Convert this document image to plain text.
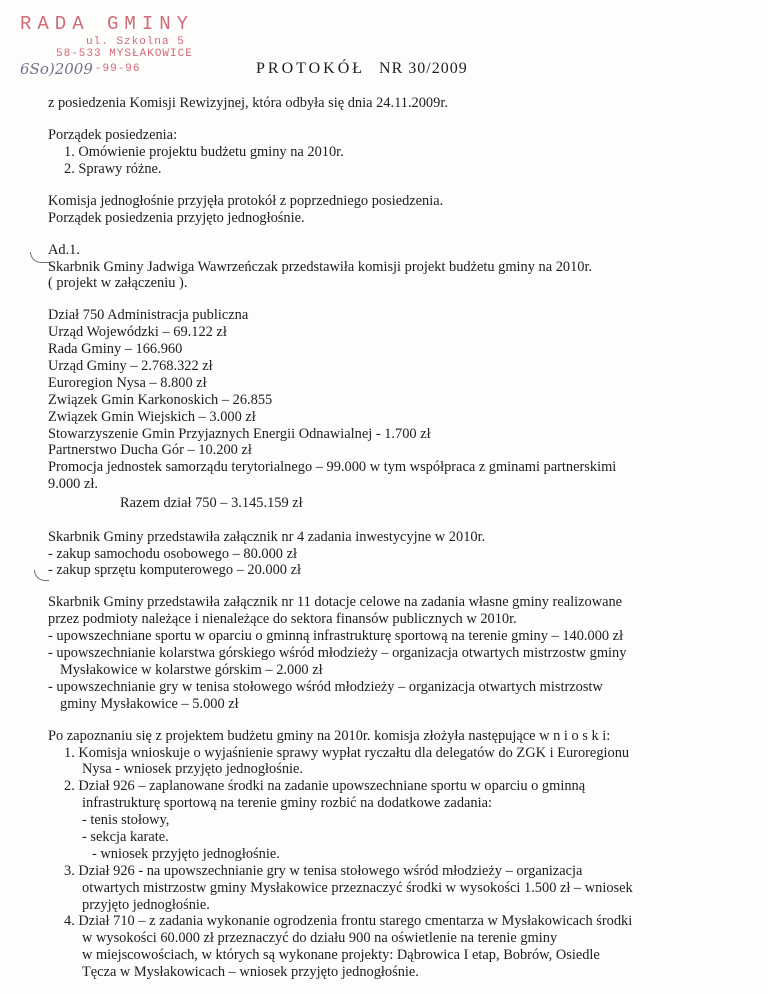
RADA GMINY
ul. Szkolna 5
58-533 MYSŁAKOWICE
6So)2009 -99-96	PROTOKÓŁ NR 30/2009
z posiedzenia Komisji Rewizyjnej, która odbyła się dnia 24.11.2009r.
Porządek posiedzenia:
1. Omówienie projektu budżetu gminy na 2010r.
2. Sprawy różne.
Komisja jednogłośnie przyjęła protokół z poprzedniego posiedzenia.
Porządek posiedzenia przyjęto jednogłośnie.
Ad.1.
Skarbnik Gminy Jadwiga Wawrzeńczak przedstawiła komisji projekt budżetu gminy na 2010r.
( projekt w załączeniu ).
Dział 750 Administracja publiczna
Urząd Wojewódzki – 69.122 zł
Rada Gminy – 166.960
Urząd Gminy – 2.768.322 zł
Euroregion Nysa – 8.800 zł
Związek Gmin Karkonoskich – 26.855
Związek Gmin Wiejskich – 3.000 zł
Stowarzyszenie Gmin Przyjaznych Energii Odnawialnej - 1.700 zł
Partnerstwo Ducha Gór – 10.200 zł
Promocja jednostek samorządu terytorialnego – 99.000 w tym współpraca z gminami partnerskimi
9.000 zł.
Razem dział 750 – 3.145.159 zł
Skarbnik Gminy przedstawiła załącznik nr 4 zadania inwestycyjne w 2010r.
- zakup samochodu osobowego – 80.000 zł
- zakup sprzętu komputerowego – 20.000 zł
Skarbnik Gminy przedstawiła załącznik nr 11 dotacje celowe na zadania własne gminy realizowane
przez podmioty należące i nienależące do sektora finansów publicznych w 2010r.
- upowszechniane sportu w oparciu o gminną infrastrukturę sportową na terenie gminy – 140.000 zł
- upowszechnianie kolarstwa górskiego wśród młodzieży – organizacja otwartych mistrzostw gminy
Mysłakowice w kolarstwe górskim – 2.000 zł
- upowszechnianie gry w tenisa stołowego wśród młodzieży – organizacja otwartych mistrzostw
gminy Mysłakowice – 5.000 zł
Po zapoznaniu się z projektem budżetu gminy na 2010r. komisja złożyła następujące w n i o s k i:
1. Komisja wnioskuje o wyjaśnienie sprawy wypłat ryczałtu dla delegatów do ZGK i Euroregionu
Nysa - wniosek przyjęto jednogłośnie.
2. Dział 926 – zaplanowane środki na zadanie upowszechniane sportu w oparciu o gminną
infrastrukturę sportową na terenie gminy rozbić na dodatkowe zadania:
- tenis stołowy,
- sekcja karate.
- wniosek przyjęto jednogłośnie.
3. Dział 926 - na upowszechnianie gry w tenisa stołowego wśród młodzieży – organizacja
otwartych mistrzostw gminy Mysłakowice przeznaczyć środki w wysokości 1.500 zł – wniosek
przyjęto jednogłośnie.
4. Dział 710 – z zadania wykonanie ogrodzenia frontu starego cmentarza w Mysłakowicach środki
w wysokości 60.000 zł przeznaczyć do działu 900 na oświetlenie na terenie gminy
w miejscowościach, w których są wykonane projekty: Dąbrowica I etap, Bobrów, Osiedle
Tęcza w Mysłakowicach – wniosek przyjęto jednogłośnie.
